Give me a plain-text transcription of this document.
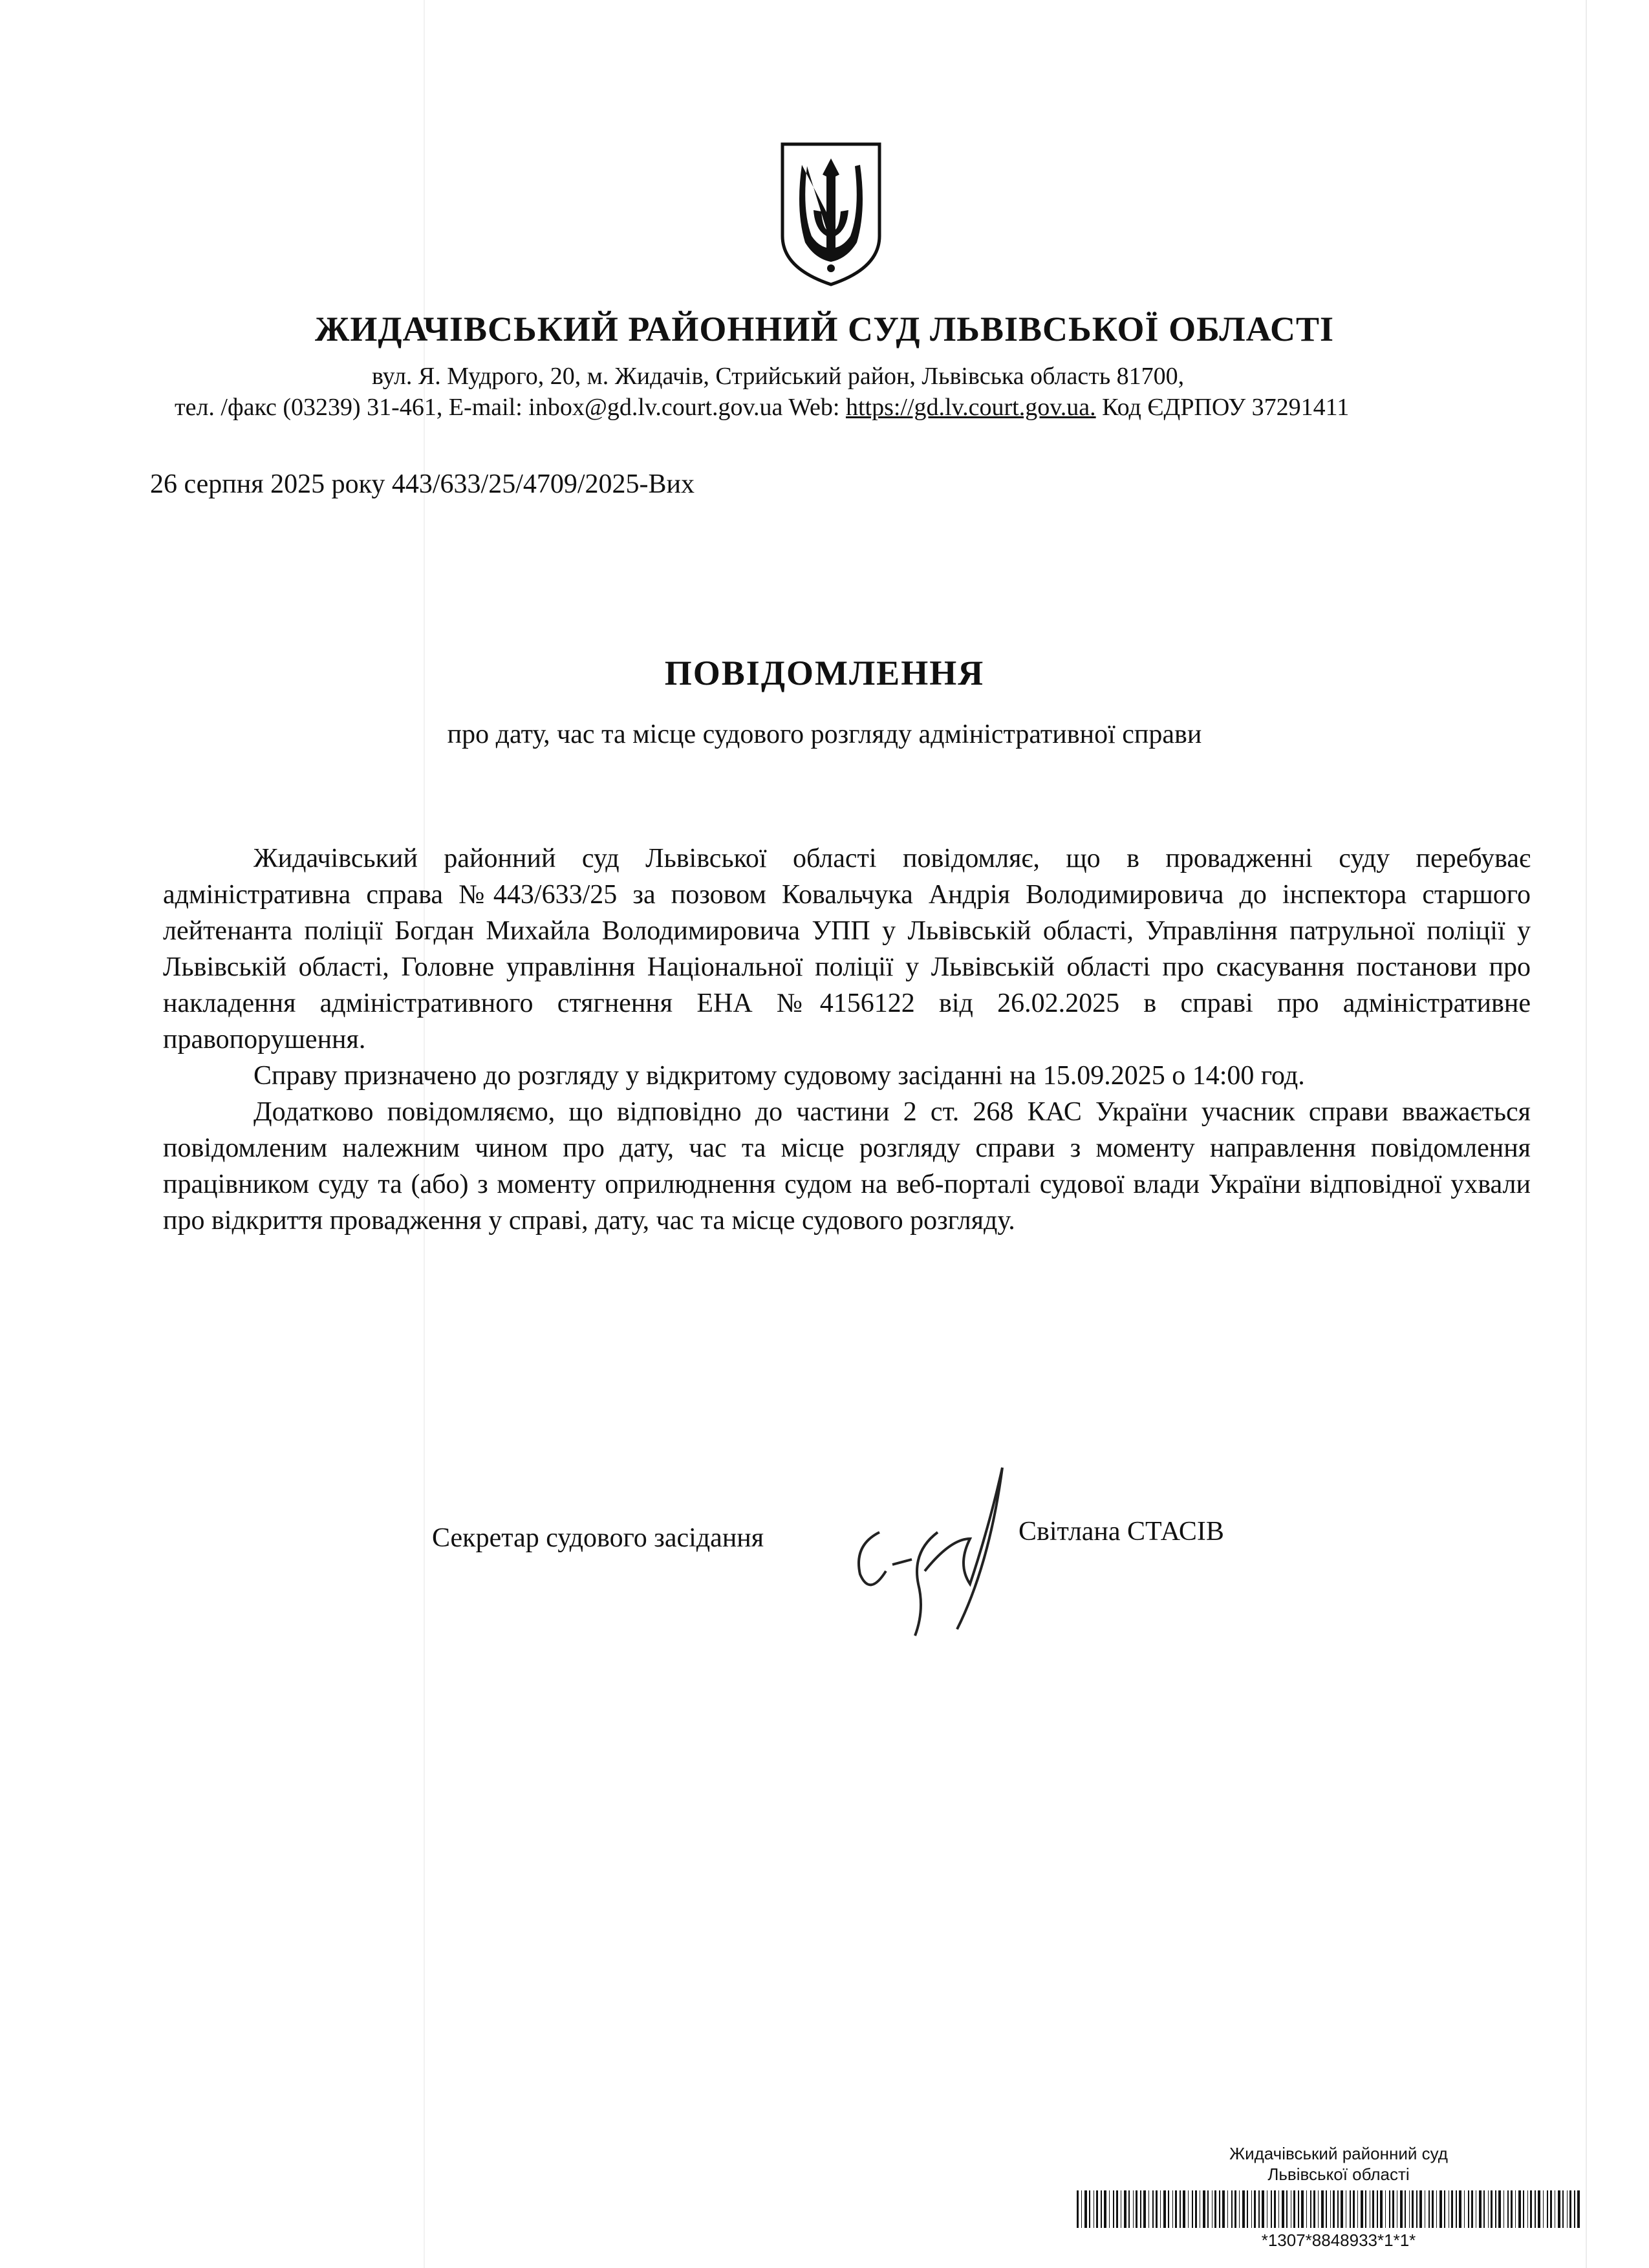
ЖИДАЧІВСЬКИЙ РАЙОННИЙ СУД ЛЬВІВСЬКОЇ ОБЛАСТІ
вул. Я. Мудрого, 20, м. Жидачів, Стрийський район, Львівська область 81700,
тел. /факс (03239) 31-461, E-mail: inbox@gd.lv.court.gov.ua Web: https://gd.lv.court.gov.ua. Код ЄДРПОУ 37291411
26 серпня 2025 року 443/633/25/4709/2025-Вих
ПОВІДОМЛЕННЯ
про дату, час та місце судового розгляду адміністративної справи

Жидачівський районний суд Львівської області повідомляє, що в провадженні суду перебуває адміністративна справа №443/633/25 за позовом Ковальчука Андрія Володимировича до інспектора старшого лейтенанта поліції Богдан Михайла Володимировича УПП у Львівській області, Управління патрульної поліції у Львівській області, Головне управління Національної поліції у Львівській області про скасування постанови про накладення адміністративного стягнення ЕНА №4156122 від 26.02.2025 в справі про адміністративне правопорушення.

Справу призначено до розгляду у відкритому судовому засіданні на 15.09.2025 о 14:00 год.

Додатково повідомляємо, що відповідно до частини 2 ст. 268 КАС України учасник справи вважається повідомленим належним чином про дату, час та місце розгляду справи з моменту направлення повідомлення працівником суду та (або) з моменту оприлюднення судом на веб-порталі судової влади України відповідної ухвали про відкриття провадження у справі, дату, час та місце судового розгляду.

Секретар судового засідання	Світлана СТАСІВ
Жидачівський районний суд
Львівської області
*1307*8848933*1*1*
